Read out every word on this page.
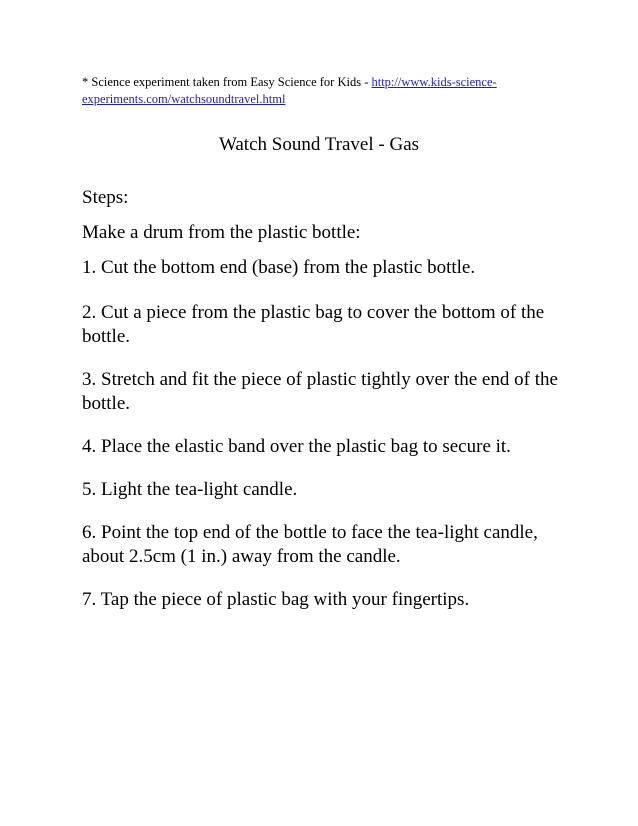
* Science experiment taken from Easy Science for Kids - http://www.kids-science-
experiments.com/watchsoundtravel.html
Watch Sound Travel - Gas
Steps:
Make a drum from the plastic bottle:
1. Cut the bottom end (base) from the plastic bottle.
2. Cut a piece from the plastic bag to cover the bottom of the bottle.
3. Stretch and fit the piece of plastic tightly over the end of the bottle.
4. Place the elastic band over the plastic bag to secure it.
5. Light the tea-light candle.
6. Point the top end of the bottle to face the tea-light candle, about 2.5cm (1 in.) away from the candle.
7. Tap the piece of plastic bag with your fingertips.
